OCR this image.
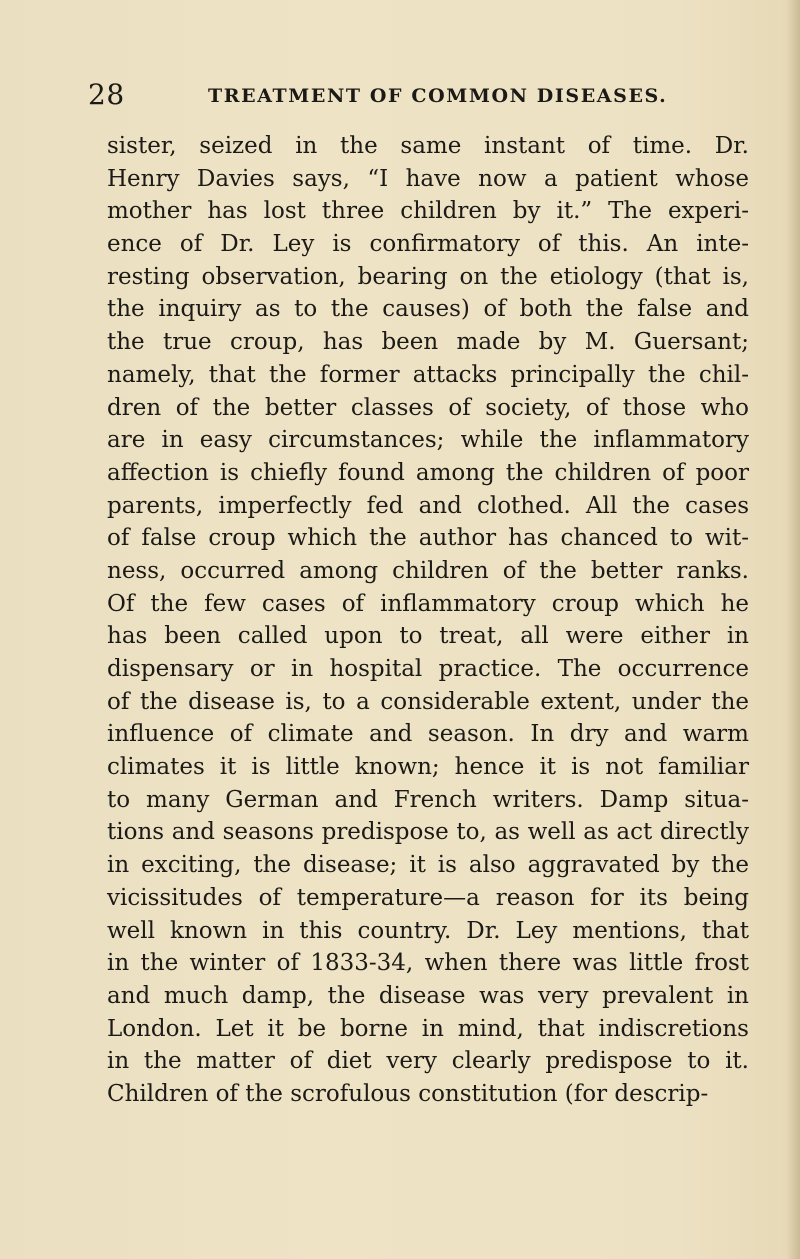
28	TREATMENT OF COMMON DISEASES.
sister, seized in the same instant of time. Dr.
Henry Davies says, “I have now a patient whose
mother has lost three children by it.” The experi-
ence of Dr. Ley is confirmatory of this. An inte-
resting observation, bearing on the etiology (that is,
the inquiry as to the causes) of both the false and
the true croup, has been made by M. Guersant;
namely, that the former attacks principally the chil-
dren of the better classes of society, of those who
are in easy circumstances; while the inflammatory
affection is chiefly found among the children of poor
parents, imperfectly fed and clothed. All the cases
of false croup which the author has chanced to wit-
ness, occurred among children of the better ranks.
Of the few cases of inflammatory croup which he
has been called upon to treat, all were either in
dispensary or in hospital practice. The occurrence
of the disease is, to a considerable extent, under the
influence of climate and season. In dry and warm
climates it is little known; hence it is not familiar
to many German and French writers. Damp situa-
tions and seasons predispose to, as well as act directly
in exciting, the disease; it is also aggravated by the
vicissitudes of temperature—a reason for its being
well known in this country. Dr. Ley mentions, that
in the winter of 1833-34, when there was little frost
and much damp, the disease was very prevalent in
London. Let it be borne in mind, that indiscretions
in the matter of diet very clearly predispose to it.
Children of the scrofulous constitution (for descrip-
